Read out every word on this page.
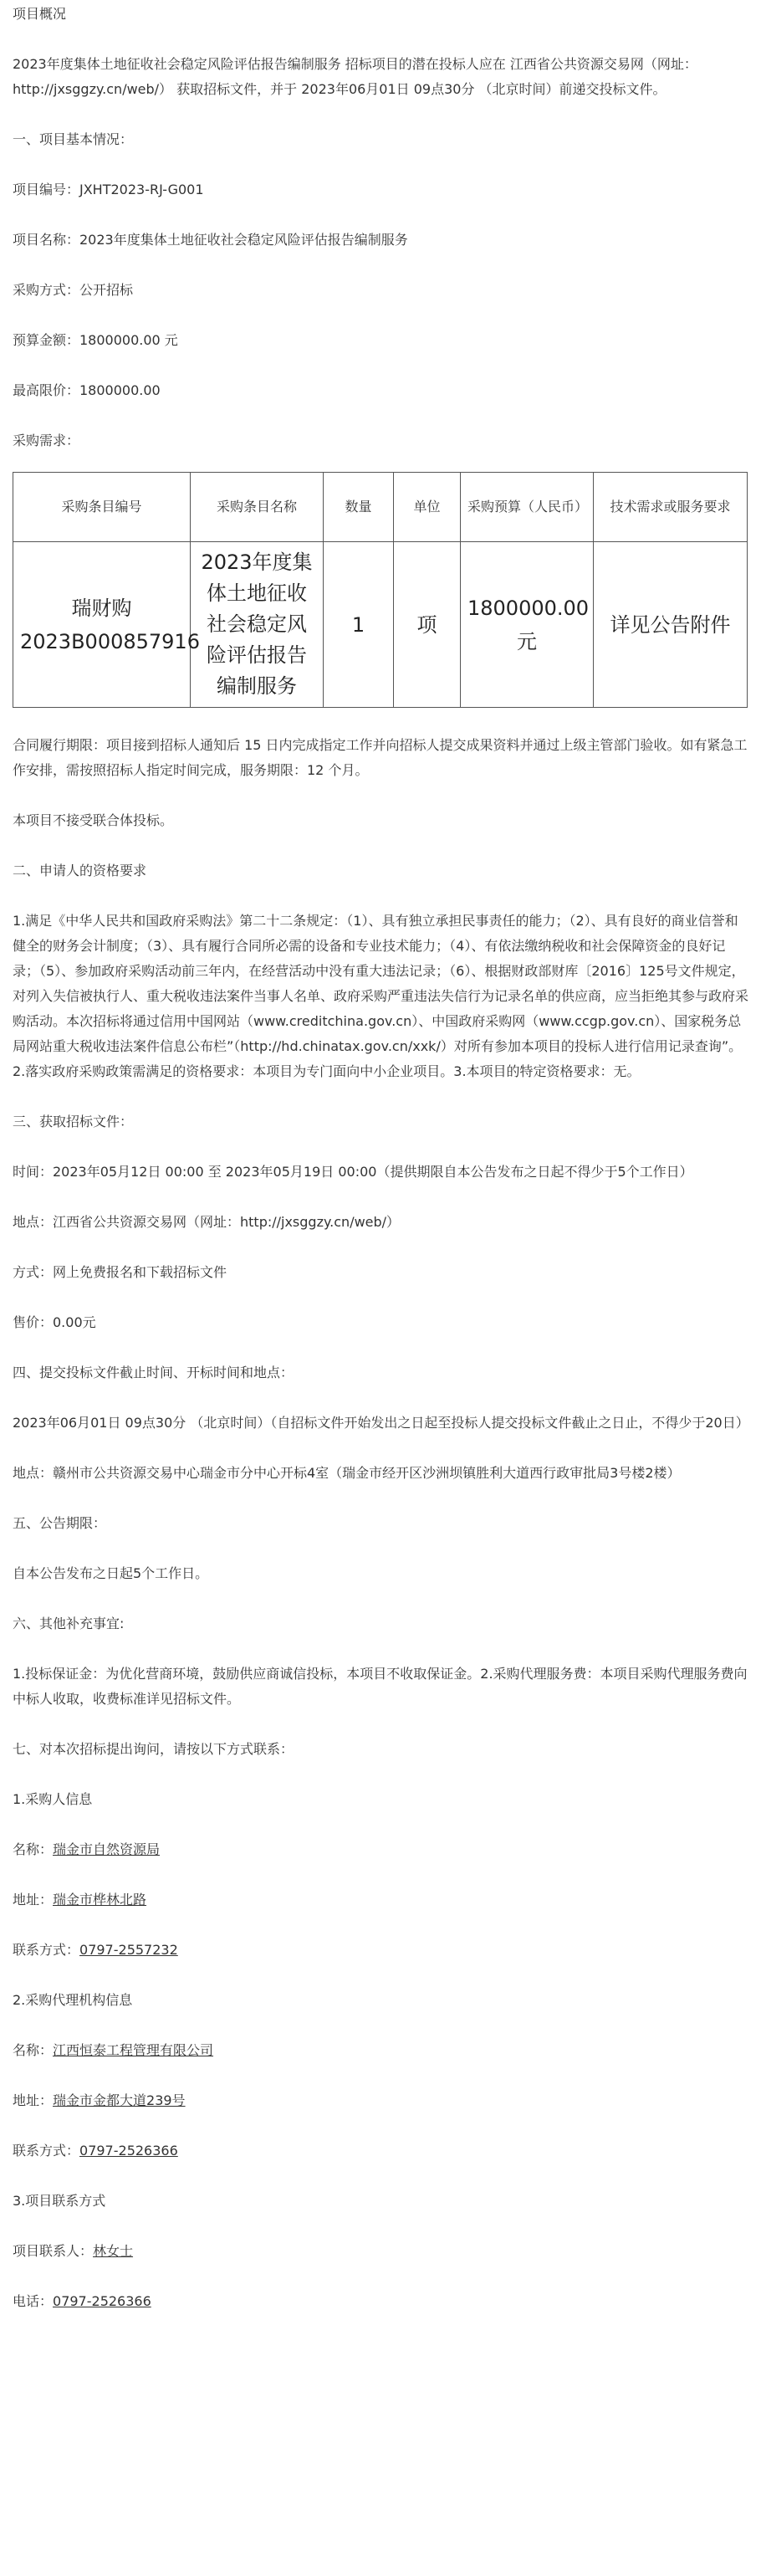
项目概况

2023年度集体土地征收社会稳定风险评估报告编制服务 招标项目的潜在投标人应在 江西省公共资源交易网（网址：http://jxsggzy.cn/web/） 获取招标文件，并于 2023年06月01日 09点30分 （北京时间）前递交投标文件。

一、项目基本情况：

项目编号：JXHT2023-RJ-G001

项目名称：2023年度集体土地征收社会稳定风险评估报告编制服务

采购方式：公开招标

预算金额：1800000.00 元

最高限价：1800000.00

采购需求：

采购条目编号	采购条目名称	数量	单位	采购预算（人民币）	技术需求或服务要求
瑞财购2023B000857916	2023年度集体土地征收社会稳定风险评估报告编制服务	1	项	1800000.00元	详见公告附件

合同履行期限：项目接到招标人通知后 15 日内完成指定工作并向招标人提交成果资料并通过上级主管部门验收。如有紧急工作安排，需按照招标人指定时间完成，服务期限：12 个月。

本项目不接受联合体投标。

二、申请人的资格要求

1.满足《中华人民共和国政府采购法》第二十二条规定：（1）、具有独立承担民事责任的能力；（2）、具有良好的商业信誉和健全的财务会计制度；（3）、具有履行合同所必需的设备和专业技术能力；（4）、有依法缴纳税收和社会保障资金的良好记录；（5）、参加政府采购活动前三年内，在经营活动中没有重大违法记录；（6）、根据财政部财库〔2016〕125号文件规定，对列入失信被执行人、重大税收违法案件当事人名单、政府采购严重违法失信行为记录名单的供应商，应当拒绝其参与政府采购活动。本次招标将通过信用中国网站（www.creditchina.gov.cn）、中国政府采购网（www.ccgp.gov.cn）、国家税务总局网站重大税收违法案件信息公布栏”（http://hd.chinatax.gov.cn/xxk/）对所有参加本项目的投标人进行信用记录查询”。2.落实政府采购政策需满足的资格要求：本项目为专门面向中小企业项目。3.本项目的特定资格要求：无。

三、获取招标文件：

时间：2023年05月12日 00:00 至 2023年05月19日 00:00（提供期限自本公告发布之日起不得少于5个工作日）

地点：江西省公共资源交易网（网址：http://jxsggzy.cn/web/）

方式：网上免费报名和下载招标文件

售价：0.00元

四、提交投标文件截止时间、开标时间和地点：

2023年06月01日 09点30分 （北京时间）（自招标文件开始发出之日起至投标人提交投标文件截止之日止，不得少于20日）

地点：赣州市公共资源交易中心瑞金市分中心开标4室（瑞金市经开区沙洲坝镇胜利大道西行政审批局3号楼2楼）

五、公告期限：

自本公告发布之日起5个工作日。

六、其他补充事宜:

1.投标保证金：为优化营商环境，鼓励供应商诚信投标，本项目不收取保证金。2.采购代理服务费：本项目采购代理服务费向中标人收取，收费标准详见招标文件。

七、对本次招标提出询问，请按以下方式联系：

1.采购人信息

名称：瑞金市自然资源局

地址：瑞金市桦林北路

联系方式：0797-2557232

2.采购代理机构信息

名称：江西恒泰工程管理有限公司

地址：瑞金市金都大道239号

联系方式：0797-2526366

3.项目联系方式

项目联系人：林女士

电话：0797-2526366
